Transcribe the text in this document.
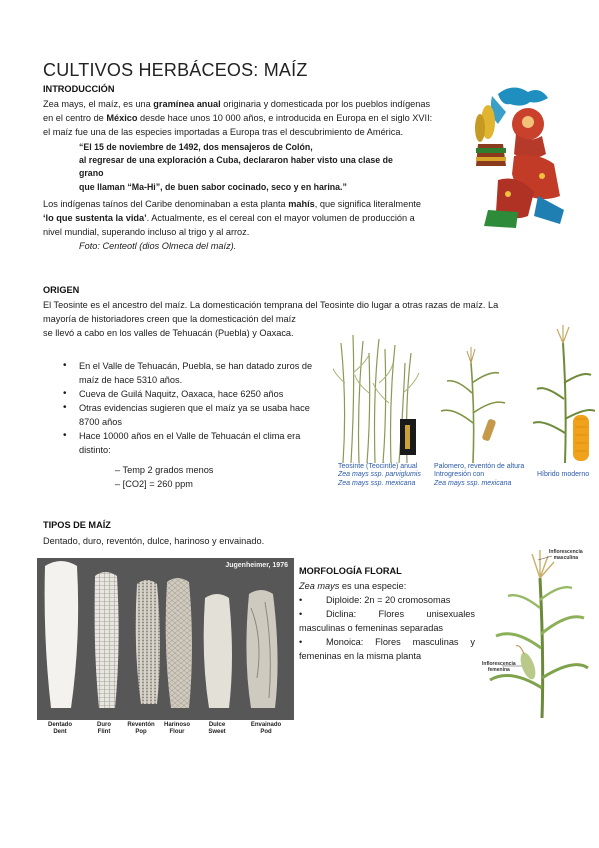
CULTIVOS HERBÁCEOS: MAÍZ
INTRODUCCIÓN
Zea mays, el maíz, es una gramínea anual originaria y domesticada por los pueblos indígenas
en el centro de México desde hace unos 10 000 años, e introducida en Europa en el siglo XVII:
el maíz fue una de las especies importadas a Europa tras el descubrimiento de América.
“El 15 de noviembre de 1492, dos mensajeros de Colón,
al regresar de una exploración a Cuba, declararon haber visto una clase de grano
que llaman “Ma-Hi”, de buen sabor cocinado, seco y en harina.”
Los indígenas taínos del Caribe denominaban a esta planta mahís, que significa literalmente
‘lo que sustenta la vida’. Actualmente, es el cereal con el mayor volumen de producción a
nivel mundial, superando incluso al trigo y al arroz.
Foto: Centeotl (dios Olmeca del maíz).
ORIGEN
El Teosinte es el ancestro del maíz. La domesticación temprana del Teosinte dio lugar a otras razas de maíz. La
mayoría de historiadores creen que la domesticación del maíz
se llevó a cabo en los valles de Tehuacán (Puebla) y Oaxaca.
• En el Valle de Tehuacán, Puebla, se han datado zuros de maíz de hace 5310 años.
• Cueva de Guilá Naquitz, Oaxaca, hace 6250 años
• Otras evidencias sugieren que el maíz ya se usaba hace 8700 años
• Hace 10000 años en el Valle de Tehuacán el clima era distinto:
– Temp 2 grados menos
– [CO2] = 260 ppm
Teosinte (Teocintle) anual
Zea mays ssp. parviglumis
Zea mays ssp. mexicana
Palomero, reventón de altura
Introgresión con
Zea mays ssp. mexicana
Híbrido moderno
TIPOS DE MAÍZ
Dentado, duro, reventón, dulce, harinoso y envainado.
Jugenheimer, 1976
Dentado
Dent
Duro
Flint
Reventón
Pop
Harinoso
Flour
Dulce
Sweet
Envainado
Pod
MORFOLOGÍA FLORAL
Zea mays es una especie:
•	Diploide: 2n = 20 cromosomas
•	Diclina: Flores unisexuales masculinas o femeninas separadas
•	Monoica: Flores masculinas y femeninas en la misma planta
Inflorescencia
masculina
Inflorescencia
femenina
